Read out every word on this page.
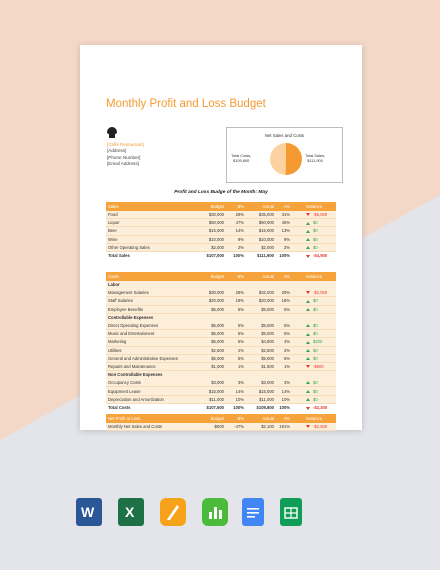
Monthly Profit and Loss Budget
[Grills Restaurant]
[Address]
[Phone Number]
[Email Address]
Net Sales and Costs
Total Costs,
$109,800
Total Sales,
$111,900
Profit and Loss Budge of the Month: May
Sales	Budget	B%	Actual	A%	Variance
Food	$30,000	28%	$35,000	31%	-$5,000
Liquor	$50,000	47%	$50,000	45%	$0
Beer	$15,000	14%	$15,000	13%	$0
Wine	$10,000	9%	$10,000	9%	$0
Other Operating Sales	$2,000	2%	$2,000	2%	$0
Total Sales	$107,000	100%	$111,900	100%	-$4,900
Costs	Budget	B%	Actual	A%	Variance
Labor					
Management Salaries	$30,000	28%	$32,000	29%	-$2,000
Staff Salaries	$20,000	19%	$20,000	18%	$0
Employee Benefits	$5,000	5%	$5,000	5%	$0
Controllable Expenses					
Direct Operating Expenses	$5,000	5%	$5,000	5%	$0
Music and Entertainment	$5,000	5%	$5,000	5%	$0
Marketing	$5,000	5%	$4,800	4%	$200
Utilities	$2,500	2%	$2,500	2%	$0
General and Administrative Expenses	$5,000	5%	$5,000	5%	$0
Repairs and Maintenance	$1,000	1%	$1,500	1%	-$500
Non Controllable Expenses					
Occupancy Costs	$3,000	3%	$3,000	3%	$0
Equipment Lease	$15,000	14%	$15,000	14%	$0
Depreciation and Amortization	$11,000	10%	$11,000	10%	$0
Total Costs	$107,500	100%	$109,800	100%	-$2,300
Net Profit or Loss	Budget	B%	Actual	A%	Variance
Monthly Net Sales and Costs	-$500	-47%	$2,100	191%	-$2,600
W X
